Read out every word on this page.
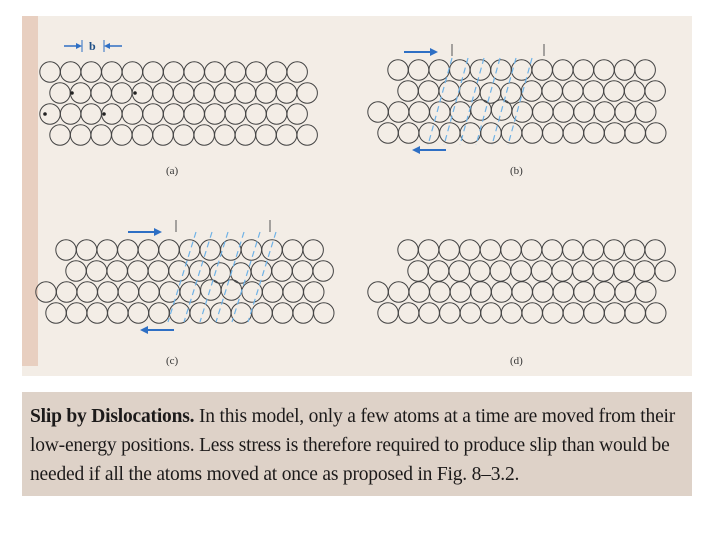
b
(a)	(b)
(c)	(d)
Slip by Dislocations. In this model, only a few atoms at a time are moved from their
low-energy positions. Less stress is therefore required to produce slip than would be
needed if all the atoms moved at once as proposed in Fig. 8–3.2.
